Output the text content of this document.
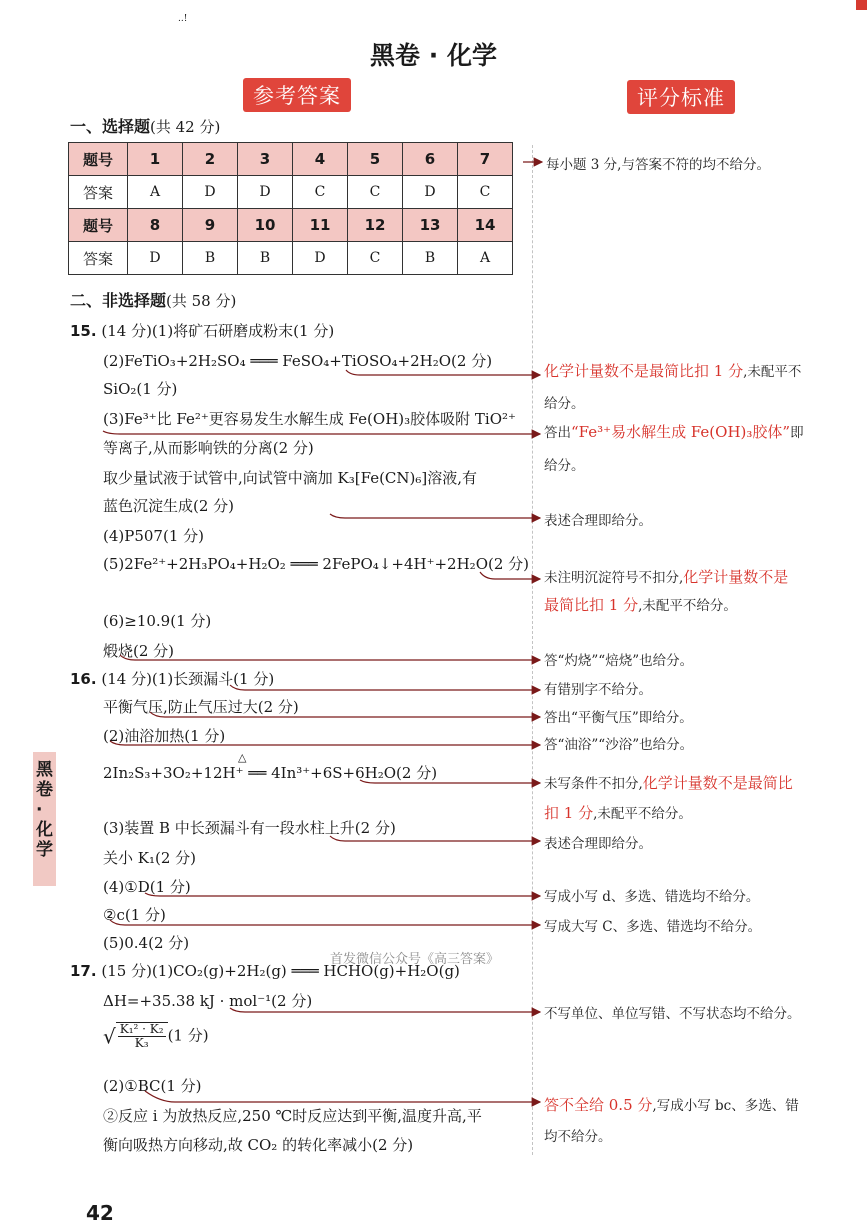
..!
黑卷 · 化学
参考答案	评分标准
一、选择题(共 42 分)
题号	1	2	3	4	5	6	7
答案	A	D	D	C	C	D	C
题号	8	9	10	11	12	13	14
答案	D	B	B	D	C	B	A
每小题 3 分,与答案不符的均不给分。
二、非选择题(共 58 分)
15. (14 分)(1)将矿石研磨成粉末(1 分)
(2)FeTiO₃+2H₂SO₄ ═══ FeSO₄+TiOSO₄+2H₂O(2 分)
SiO₂(1 分)
(3)Fe³⁺比 Fe²⁺更容易发生水解生成 Fe(OH)₃胶体吸附 TiO²⁺
等离子,从而影响铁的分离(2 分)
取少量试液于试管中,向试管中滴加 K₃[Fe(CN)₆]溶液,有
蓝色沉淀生成(2 分)
(4)P507(1 分)
(5)2Fe²⁺+2H₃PO₄+H₂O₂ ═══ 2FePO₄↓+4H⁺+2H₂O(2 分)
(6)≥10.9(1 分)
煅烧(2 分)
化学计量数不是最简比扣 1 分,未配平不
给分。
答出“Fe³⁺易水解生成 Fe(OH)₃胶体”即
给分。
表述合理即给分。
未注明沉淀符号不扣分,化学计量数不是
最简比扣 1 分,未配平不给分。
答“灼烧”“焙烧”也给分。
黑卷·化学
16. (14 分)(1)长颈漏斗(1 分)
平衡气压,防止气压过大(2 分)
(2)油浴加热(1 分)
△
2In₂S₃+3O₂+12H⁺ ══ 4In³⁺+6S+6H₂O(2 分)
(3)装置 B 中长颈漏斗有一段水柱上升(2 分)
关小 K₁(2 分)
(4)①D(1 分)
②c(1 分)
(5)0.4(2 分)
有错别字不给分。
答出“平衡气压”即给分。
答“油浴”“沙浴”也给分。
未写条件不扣分,化学计量数不是最简比
扣 1 分,未配平不给分。
表述合理即给分。
写成小写 d、多选、错选均不给分。
写成大写 C、多选、错选均不给分。
首发微信公众号《高三答案》
17. (15 分)(1)CO₂(g)+2H₂(g) ═══ HCHO(g)+H₂O(g)
ΔH=+35.38 kJ · mol⁻¹(2 分)
√ $\frac{\text{K₁² · K₂}}{\text{K₃}} (1$ 分)
(2)①BC(1 分)
②反应 i 为放热反应,250 ℃时反应达到平衡,温度升高,平
衡向吸热方向移动,故 CO₂ 的转化率减小(2 分)
不写单位、单位写错、不写状态均不给分。
答不全给 0.5 分,写成小写 bc、多选、错
均不给分。
42
